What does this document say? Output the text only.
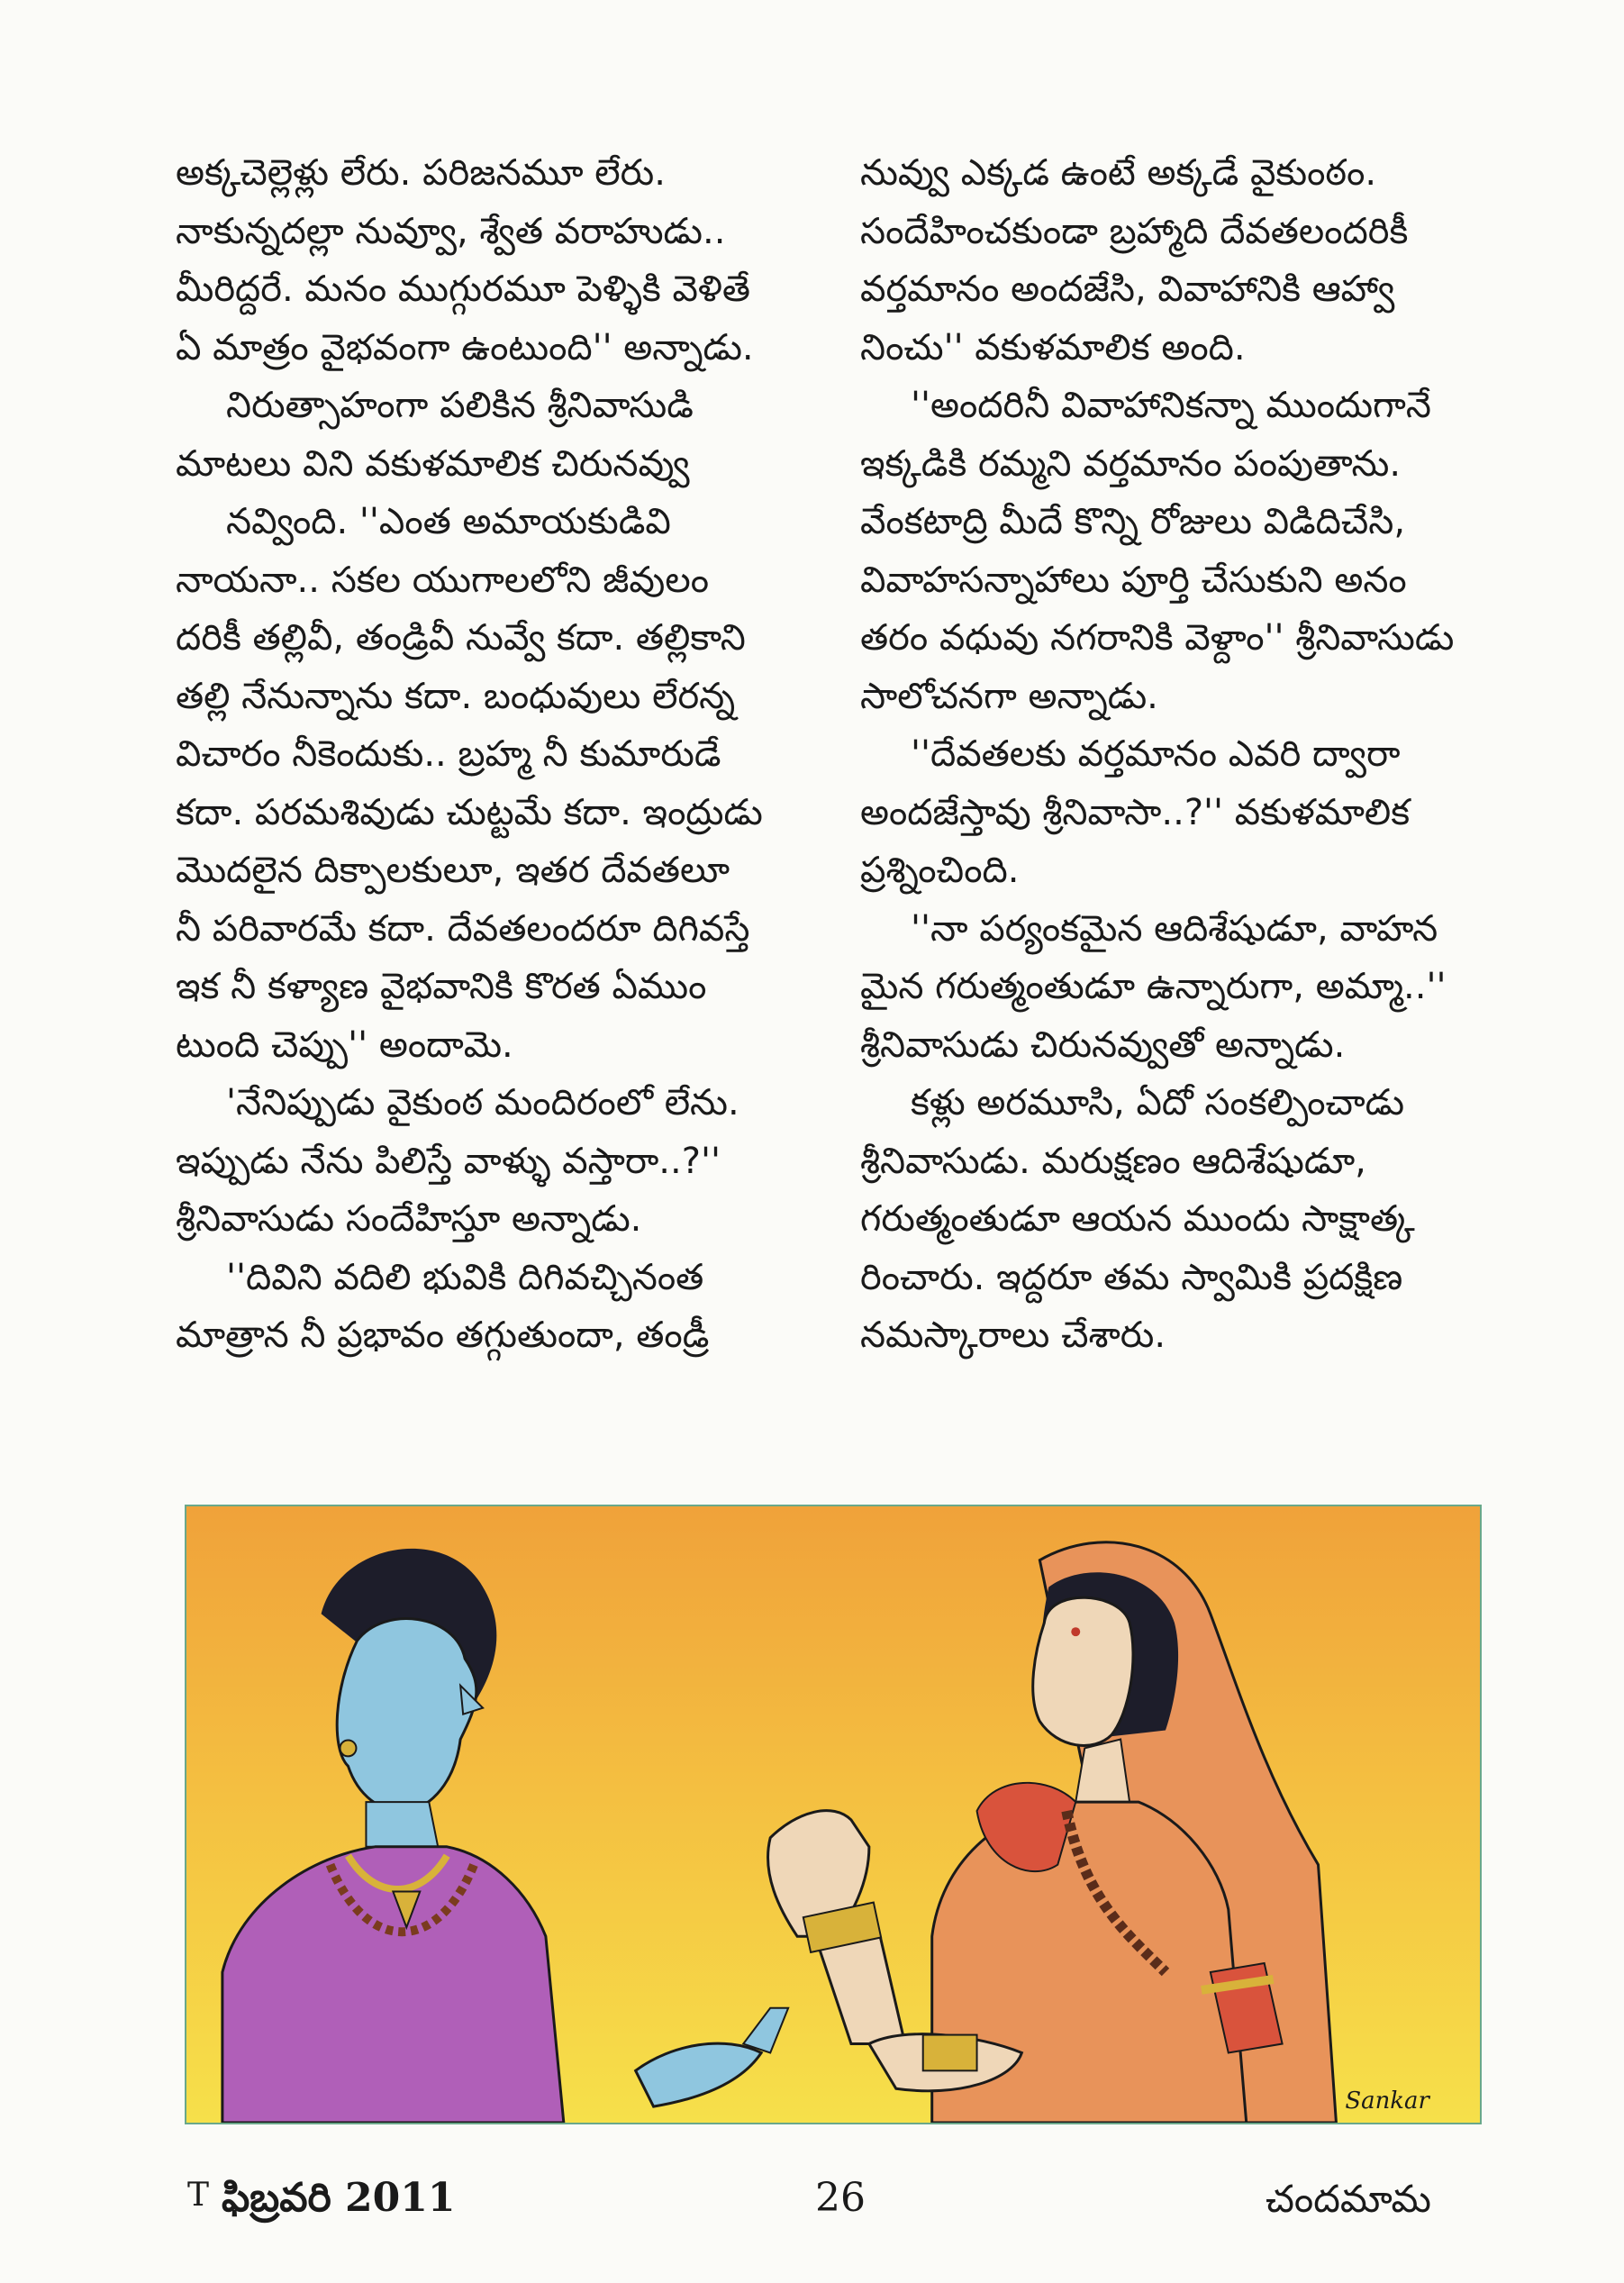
అక్కచెల్లెళ్లు లేరు. పరిజనమూ లేరు.
నాకున్నదల్లా నువ్వూ, శ్వేత వరాహుడు..
మీరిద్దరే. మనం ముగ్గురమూ పెళ్ళికి వెళితే
ఏ మాత్రం వైభవంగా ఉంటుంది'' అన్నాడు.
నిరుత్సాహంగా పలికిన శ్రీనివాసుడి
మాటలు విని వకుళమాలిక చిరునవ్వు
నవ్వింది. ''ఎంత అమాయకుడివి
నాయనా.. సకల యుగాలలోని జీవులం
దరికీ తల్లివీ, తండ్రివీ నువ్వే కదా. తల్లికాని
తల్లి నేనున్నాను కదా. బంధువులు లేరన్న
విచారం నీకెందుకు.. బ్రహ్మ నీ కుమారుడే
కదా. పరమశివుడు చుట్టమే కదా. ఇంద్రుడు
మొదలైన దిక్పాలకులూ, ఇతర దేవతలూ
నీ పరివారమే కదా. దేవతలందరూ దిగివస్తే
ఇక నీ కళ్యాణ వైభవానికి కొరత ఏముం
టుంది చెప్పు'' అందామె.
'నేనిప్పుడు వైకుంఠ మందిరంలో లేను.
ఇప్పుడు నేను పిలిస్తే వాళ్ళు వస్తారా..?''
శ్రీనివాసుడు సందేహిస్తూ అన్నాడు.
''దివిని వదిలి భువికి దిగివచ్చినంత
మాత్రాన నీ ప్రభావం తగ్గుతుందా, తండ్రీ
నువ్వు ఎక్కడ ఉంటే అక్కడే వైకుంఠం.
సందేహించకుండా బ్రహ్మాది దేవతలందరికీ
వర్తమానం అందజేసి, వివాహానికి ఆహ్వా
నించు'' వకుళమాలిక అంది.
''అందరినీ వివాహానికన్నా ముందుగానే
ఇక్కడికి రమ్మని వర్తమానం పంపుతాను.
వేంకటాద్రి మీదే కొన్ని రోజులు విడిదిచేసి,
వివాహసన్నాహాలు పూర్తి చేసుకుని అనం
తరం వధువు నగరానికి వెళ్దాం'' శ్రీనివాసుడు
సాలోచనగా అన్నాడు.
''దేవతలకు వర్తమానం ఎవరి ద్వారా
అందజేస్తావు శ్రీనివాసా..?'' వకుళమాలిక
ప్రశ్నించింది.
''నా పర్యంకమైన ఆదిశేషుడూ, వాహన
మైన గరుత్మంతుడూ ఉన్నారుగా, అమ్మా..''
శ్రీనివాసుడు చిరునవ్వుతో అన్నాడు.
కళ్లు అరమూసి, ఏదో సంకల్పించాడు
శ్రీనివాసుడు. మరుక్షణం ఆదిశేషుడూ,
గరుత్మంతుడూ ఆయన ముందు సాక్షాత్క
రించారు. ఇద్దరూ తమ స్వామికి ప్రదక్షిణ
నమస్కారాలు చేశారు.
Sankar
T ఫిబ్రవరి 2011	26	చందమామ
